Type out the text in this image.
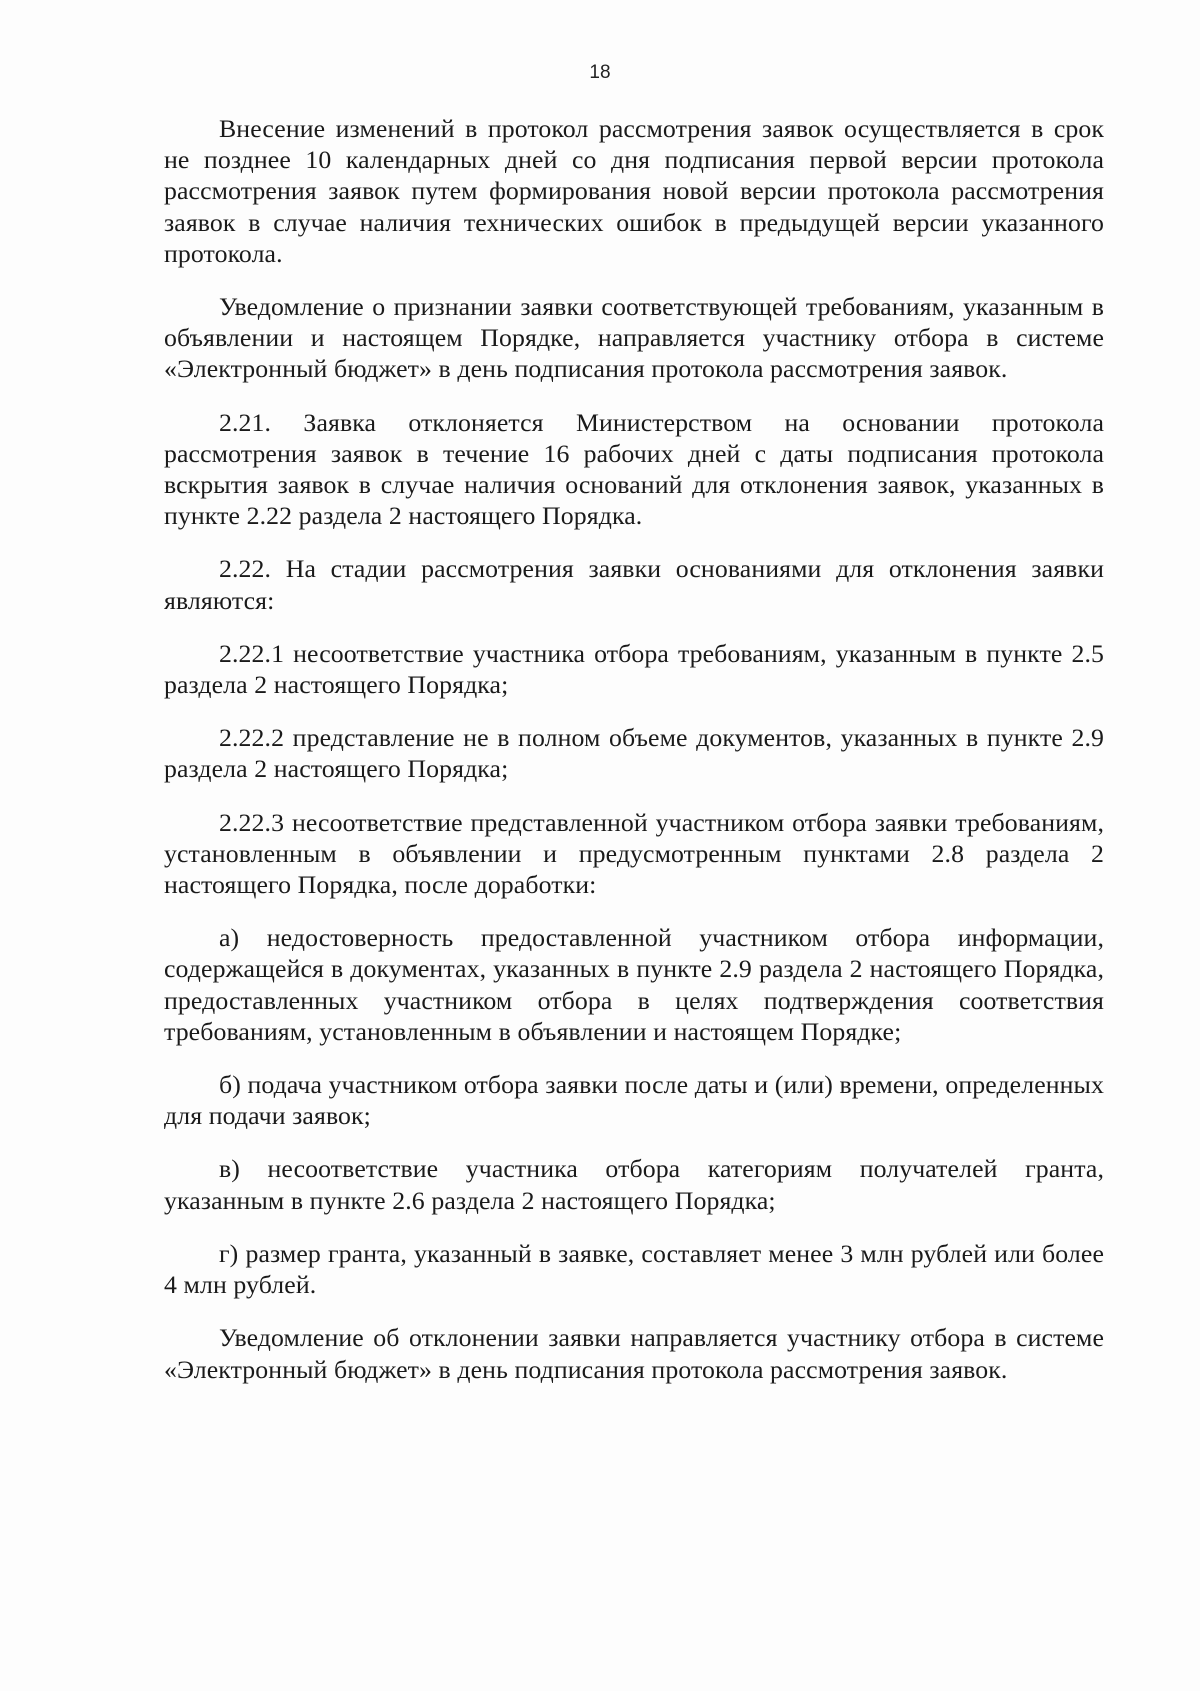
18

Внесение изменений в протокол рассмотрения заявок осуществляется в срок не позднее 10 календарных дней со дня подписания первой версии протокола рассмотрения заявок путем формирования новой версии протокола рассмотрения заявок в случае наличия технических ошибок в предыдущей версии указанного протокола.

Уведомление о признании заявки соответствующей требованиям, указанным в объявлении и настоящем Порядке, направляется участнику отбора в системе «Электронный бюджет» в день подписания протокола рассмотрения заявок.

2.21. Заявка отклоняется Министерством на основании протокола рассмотрения заявок в течение 16 рабочих дней с даты подписания протокола вскрытия заявок в случае наличия оснований для отклонения заявок, указанных в пункте 2.22 раздела 2 настоящего Порядка.

2.22. На стадии рассмотрения заявки основаниями для отклонения заявки являются:

2.22.1 несоответствие участника отбора требованиям, указанным в пункте 2.5 раздела 2 настоящего Порядка;

2.22.2 представление не в полном объеме документов, указанных в пункте 2.9 раздела 2 настоящего Порядка;

2.22.3 несоответствие представленной участником отбора заявки требованиям, установленным в объявлении и предусмотренным пунктами 2.8 раздела 2 настоящего Порядка, после доработки:

а) недостоверность предоставленной участником отбора информации, содержащейся в документах, указанных в пункте 2.9 раздела 2 настоящего Порядка, предоставленных участником отбора в целях подтверждения соответствия требованиям, установленным в объявлении и настоящем Порядке;

б) подача участником отбора заявки после даты и (или) времени, определенных для подачи заявок;

в) несоответствие участника отбора категориям получателей гранта, указанным в пункте 2.6 раздела 2 настоящего Порядка;

г) размер гранта, указанный в заявке, составляет менее 3 млн рублей или более 4 млн рублей.

Уведомление об отклонении заявки направляется участнику отбора в системе «Электронный бюджет» в день подписания протокола рассмотрения заявок.
